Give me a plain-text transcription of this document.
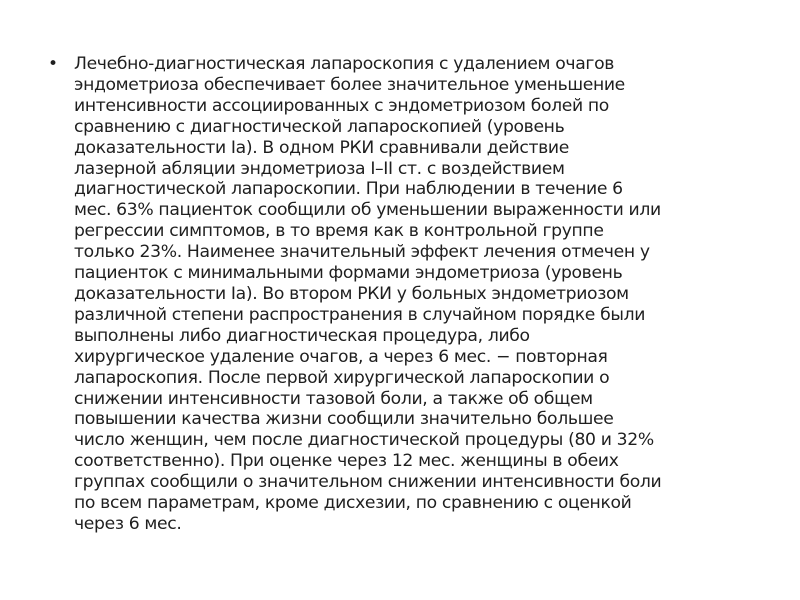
• Лечебно-диагностическая лапароскопия с удалением очагов
эндометриоза обеспечивает более значительное уменьшение
интенсивности ассоциированных с эндометриозом болей по
сравнению с диагностической лапароскопией (уровень
доказательности Ia). В одном РКИ сравнивали действие
лазерной абляции эндометриоза I–II ст. с воздействием
диагностической лапароскопии. При наблюдении в течение 6
мес. 63% пациенток сообщили об уменьшении выраженности или
регрессии симптомов, в то время как в контрольной группе
только 23%. Наименее значительный эффект лечения отмечен у
пациенток с минимальными формами эндометриоза (уровень
доказательности Ia). Во втором РКИ у больных эндометриозом
различной степени распространения в случайном порядке были
выполнены либо диагностическая процедура, либо
хирургическое удаление очагов, а через 6 мес. − повторная
лапароскопия. После первой хирургической лапароскопии о
снижении интенсивности тазовой боли, а также об общем
повышении качества жизни сообщили значительно большее
число женщин, чем после диагностической процедуры (80 и 32%
соответственно). При оценке через 12 мес. женщины в обеих
группах сообщили о значительном снижении интенсивности боли
по всем параметрам, кроме дисхезии, по сравнению с оценкой
через 6 мес.
